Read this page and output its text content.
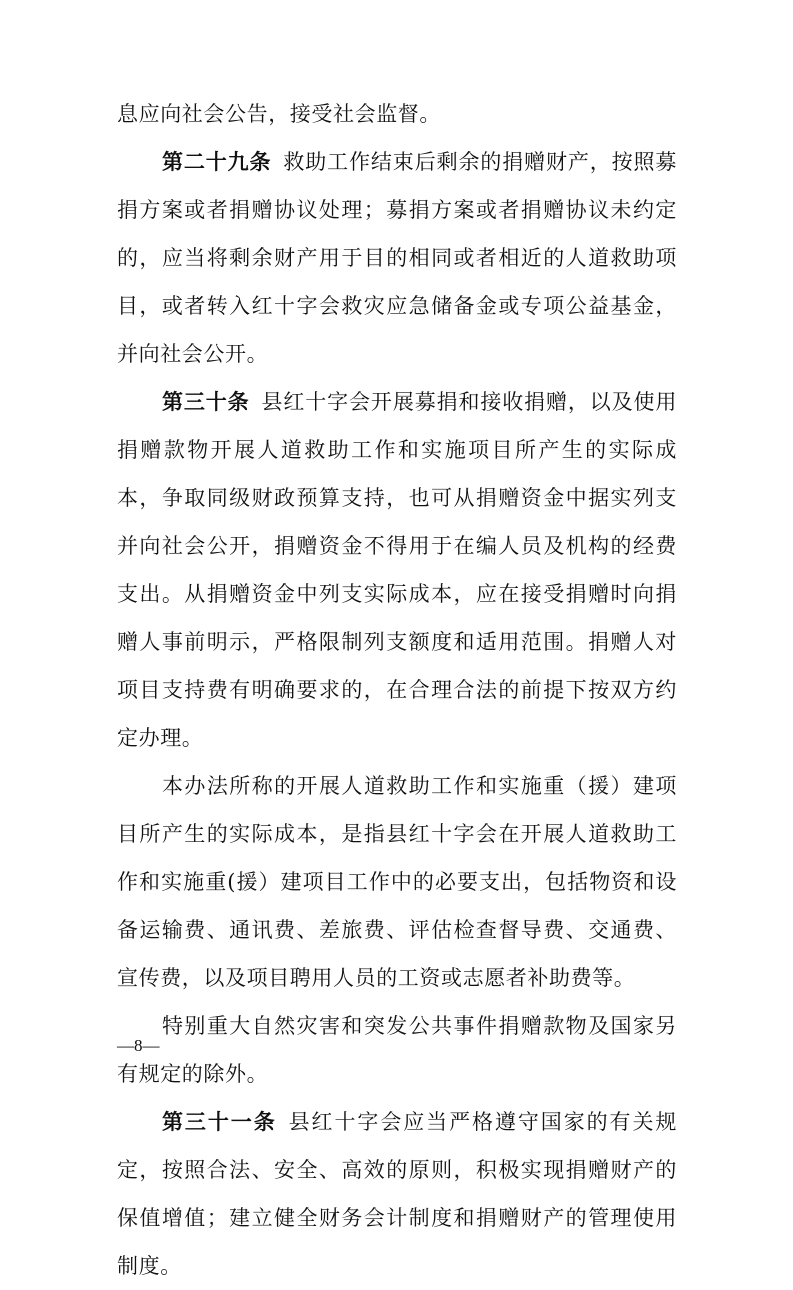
息应向社会公告，接受社会监督。

第二十九条 救助工作结束后剩余的捐赠财产，按照募捐方案或者捐赠协议处理；募捐方案或者捐赠协议未约定的，应当将剩余财产用于目的相同或者相近的人道救助项目，或者转入红十字会救灾应急储备金或专项公益基金，并向社会公开。

第三十条 县红十字会开展募捐和接收捐赠，以及使用捐赠款物开展人道救助工作和实施项目所产生的实际成本，争取同级财政预算支持，也可从捐赠资金中据实列支并向社会公开，捐赠资金不得用于在编人员及机构的经费支出。从捐赠资金中列支实际成本，应在接受捐赠时向捐赠人事前明示，严格限制列支额度和适用范围。捐赠人对项目支持费有明确要求的，在合理合法的前提下按双方约定办理。

本办法所称的开展人道救助工作和实施重（援）建项目所产生的实际成本，是指县红十字会在开展人道救助工作和实施重(援）建项目工作中的必要支出，包括物资和设备运输费、通讯费、差旅费、评估检查督导费、交通费、宣传费，以及项目聘用人员的工资或志愿者补助费等。

特别重大自然灾害和突发公共事件捐赠款物及国家另有规定的除外。

第三十一条 县红十字会应当严格遵守国家的有关规定，按照合法、安全、高效的原则，积极实现捐赠财产的保值增值；建立健全财务会计制度和捐赠财产的管理使用制度。

—8—
